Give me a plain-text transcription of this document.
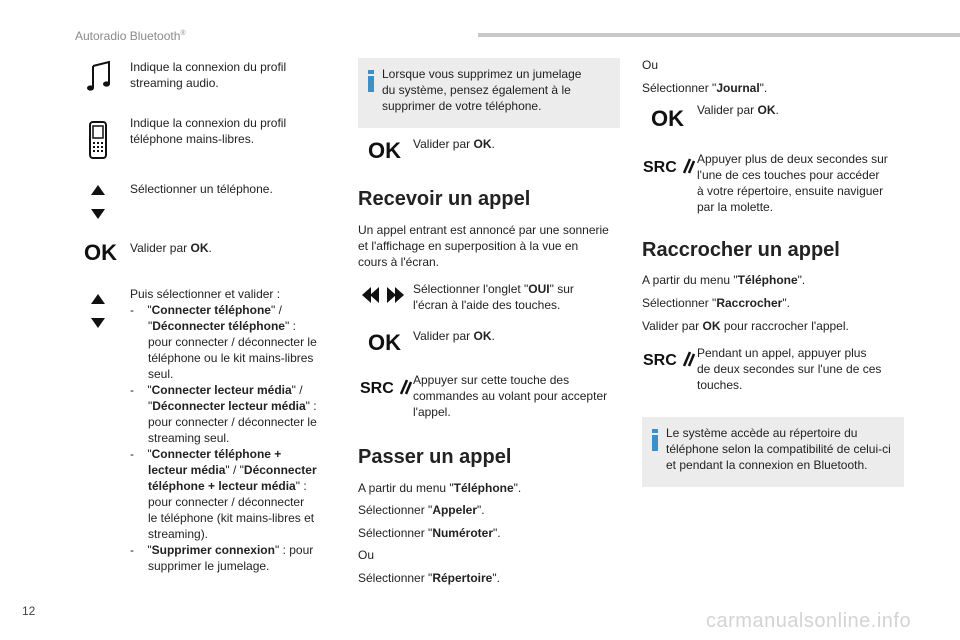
Autoradio Bluetooth®
Indique la connexion du profil
streaming audio.
Indique la connexion du profil
téléphone mains-libres.
Sélectionner un téléphone.
OK Valider par OK.
Puis sélectionner et valider :
- "Connecter téléphone" /
"Déconnecter téléphone" :
pour connecter / déconnecter le
téléphone ou le kit mains-libres
seul.
- "Connecter lecteur média" /
"Déconnecter lecteur média" :
pour connecter / déconnecter le
streaming seul.
- "Connecter téléphone +
lecteur média" / "Déconnecter
téléphone + lecteur média" :
pour connecter / déconnecter
le téléphone (kit mains-libres et
streaming).
- "Supprimer connexion" : pour
supprimer le jumelage.
Lorsque vous supprimez un jumelage
du système, pensez également à le
supprimer de votre téléphone.
OK Valider par OK.
Recevoir un appel
Un appel entrant est annoncé par une sonnerie
et l'affichage en superposition à la vue en
cours à l'écran.
Sélectionner l'onglet "OUI" sur
l'écran à l'aide des touches.
OK Valider par OK.
SRC	Appuyer sur cette touche des
commandes au volant pour accepter
l'appel.
Passer un appel
A partir du menu "Téléphone".
Sélectionner "Appeler".
Sélectionner "Numéroter".
Ou
Sélectionner "Répertoire".
Ou
Sélectionner "Journal".
OK Valider par OK.
SRC	Appuyer plus de deux secondes sur
l'une de ces touches pour accéder
à votre répertoire, ensuite naviguer
par la molette.
Raccrocher un appel
A partir du menu "Téléphone".
Sélectionner "Raccrocher".
Valider par OK pour raccrocher l'appel.
SRC	Pendant un appel, appuyer plus
de deux secondes sur l'une de ces
touches.
Le système accède au répertoire du
téléphone selon la compatibilité de celui-ci
et pendant la connexion en Bluetooth.
12	carmanualsonline.info
